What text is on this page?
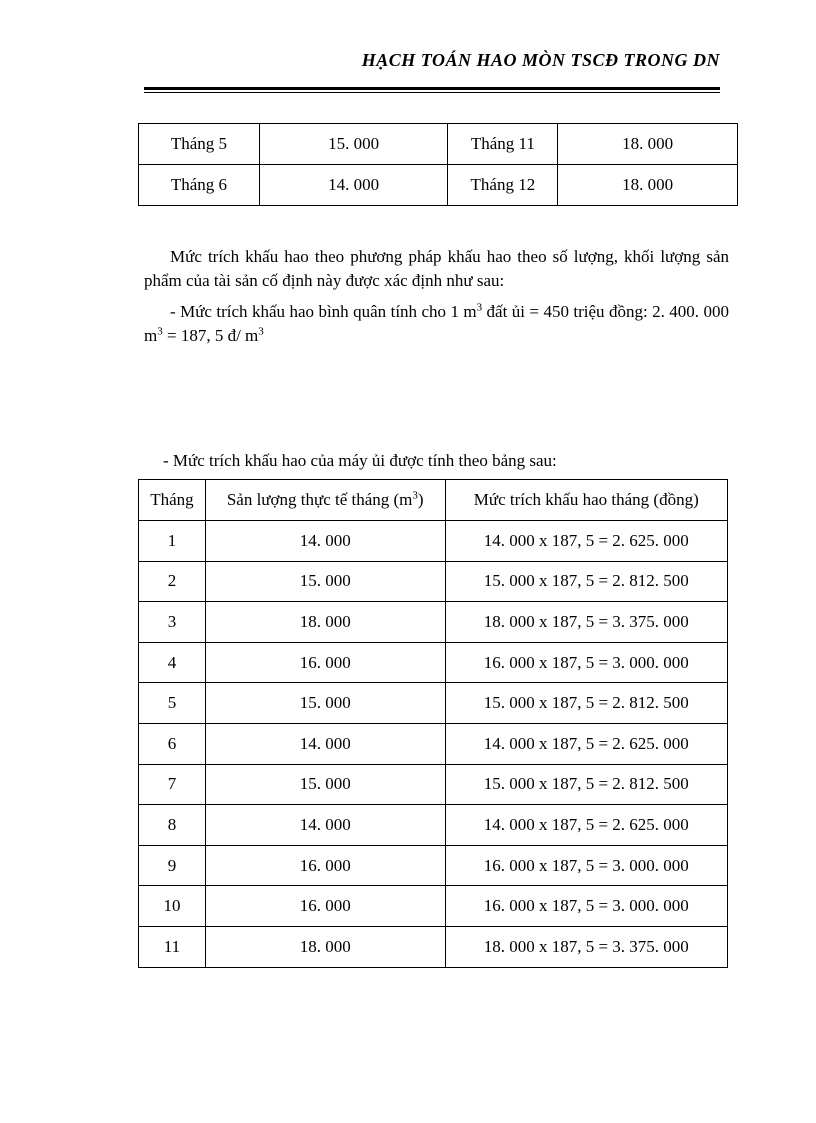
HẠCH TOÁN HAO MÒN TSCĐ TRONG DN
Tháng 5	15. 000	Tháng 11	18. 000
Tháng 6	14. 000	Tháng 12	18. 000
Mức trích khấu hao theo phương pháp khấu hao theo số lượng, khối lượng sản phẩm của tài sản cố định này được xác định như sau:
- Mức trích khấu hao bình quân tính cho 1 $m^3$ đất ủi = 450 triệu đồng: 2. 400. 000 $m^3 = 187$, 5 đ/ $m^3$
- Mức trích khấu hao của máy ủi được tính theo bảng sau:
Tháng	Sản lượng thực tế tháng $(m^3)$	Mức trích khấu hao tháng (đồng)
1	14. 000	14. 000 x 187, 5 = 2. 625. 000
2	15. 000	15. 000 x 187, 5 = 2. 812. 500
3	18. 000	18. 000 x 187, 5 = 3. 375. 000
4	16. 000	16. 000 x 187, 5 = 3. 000. 000
5	15. 000	15. 000 x 187, 5 = 2. 812. 500
6	14. 000	14. 000 x 187, 5 = 2. 625. 000
7	15. 000	15. 000 x 187, 5 = 2. 812. 500
8	14. 000	14. 000 x 187, 5 = 2. 625. 000
9	16. 000	16. 000 x 187, 5 = 3. 000. 000
10	16. 000	16. 000 x 187, 5 = 3. 000. 000
11	18. 000	18. 000 x 187, 5 = 3. 375. 000
